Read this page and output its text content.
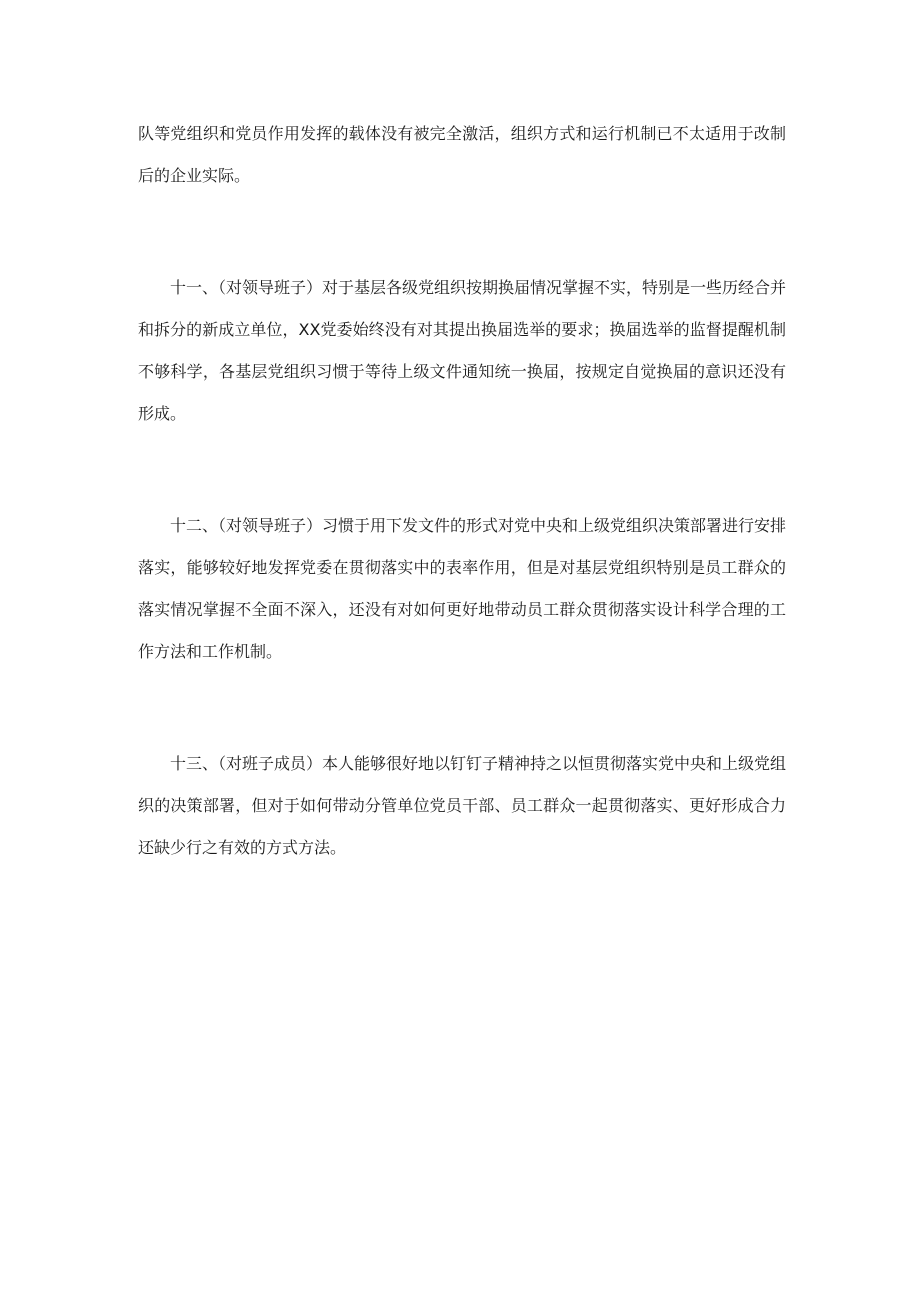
队等党组织和党员作用发挥的载体没有被完全激活，组织方式和运行机制已不太适用于改制后的企业实际。

十一、（对领导班子）对于基层各级党组织按期换届情况掌握不实，特别是一些历经合并和拆分的新成立单位，XX党委始终没有对其提出换届选举的要求；换届选举的监督提醒机制不够科学，各基层党组织习惯于等待上级文件通知统一换届，按规定自觉换届的意识还没有形成。

十二、（对领导班子）习惯于用下发文件的形式对党中央和上级党组织决策部署进行安排落实，能够较好地发挥党委在贯彻落实中的表率作用，但是对基层党组织特别是员工群众的落实情况掌握不全面不深入，还没有对如何更好地带动员工群众贯彻落实设计科学合理的工作方法和工作机制。

十三、（对班子成员）本人能够很好地以钉钉子精神持之以恒贯彻落实党中央和上级党组织的决策部署，但对于如何带动分管单位党员干部、员工群众一起贯彻落实、更好形成合力还缺少行之有效的方式方法。
